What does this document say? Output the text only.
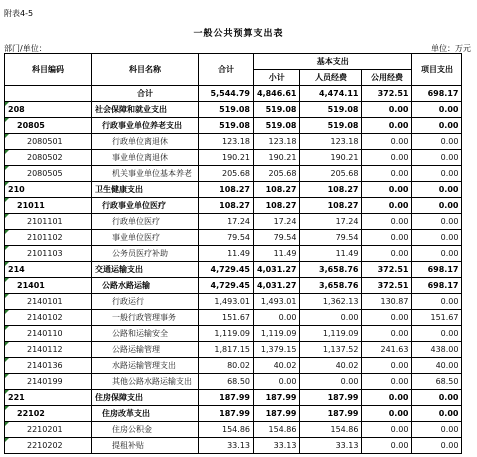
附表4-5
一般公共预算支出表
部门/单位：	单位：万元
科目编码	科目名称	合计	基本支出			项目支出
			小计	人员经费	公用经费	
	合计	5,544.79	4,846.61	4,474.11	372.51	698.17
208	社会保障和就业支出	519.08	519.08	519.08	0.00	0.00
20805	行政事业单位养老支出	519.08	519.08	519.08	0.00	0.00
2080501	行政单位离退休	123.18	123.18	123.18	0.00	0.00
2080502	事业单位离退休	190.21	190.21	190.21	0.00	0.00
2080505	机关事业单位基本养老	205.68	205.68	205.68	0.00	0.00
210	卫生健康支出	108.27	108.27	108.27	0.00	0.00
21011	行政事业单位医疗	108.27	108.27	108.27	0.00	0.00
2101101	行政单位医疗	17.24	17.24	17.24	0.00	0.00
2101102	事业单位医疗	79.54	79.54	79.54	0.00	0.00
2101103	公务员医疗补助	11.49	11.49	11.49	0.00	0.00
214	交通运输支出	4,729.45	4,031.27	3,658.76	372.51	698.17
21401	公路水路运输	4,729.45	4,031.27	3,658.76	372.51	698.17
2140101	行政运行	1,493.01	1,493.01	1,362.13	130.87	0.00
2140102	一般行政管理事务	151.67	0.00	0.00	0.00	151.67
2140110	公路和运输安全	1,119.09	1,119.09	1,119.09	0.00	0.00
2140112	公路运输管理	1,817.15	1,379.15	1,137.52	241.63	438.00
2140136	水路运输管理支出	80.02	40.02	40.02	0.00	40.00
2140199	其他公路水路运输支出	68.50	0.00	0.00	0.00	68.50
221	住房保障支出	187.99	187.99	187.99	0.00	0.00
22102	住房改革支出	187.99	187.99	187.99	0.00	0.00
2210201	住房公积金	154.86	154.86	154.86	0.00	0.00
2210202	提租补贴	33.13	33.13	33.13	0.00	0.00
